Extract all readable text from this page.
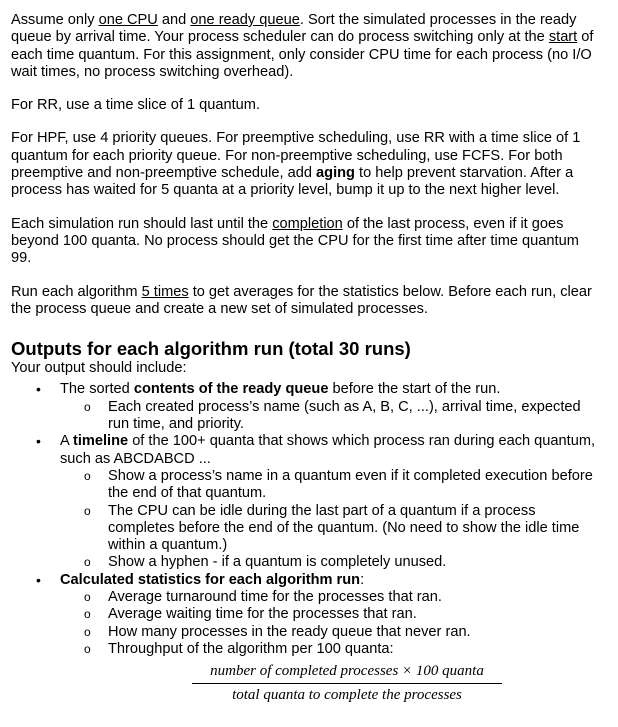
Assume only one CPU and one ready queue. Sort the simulated processes in the ready queue by arrival time. Your process scheduler can do process switching only at the start of each time quantum. For this assignment, only consider CPU time for each process (no I/O wait times, no process switching overhead).

For RR, use a time slice of 1 quantum.

For HPF, use 4 priority queues. For preemptive scheduling, use RR with a time slice of 1 quantum for each priority queue. For non-preemptive scheduling, use FCFS. For both preemptive and non-preemptive schedule, add aging to help prevent starvation. After a process has waited for 5 quanta at a priority level, bump it up to the next higher level.

Each simulation run should last until the completion of the last process, even if it goes beyond 100 quanta. No process should get the CPU for the first time after time quantum 99.

Run each algorithm 5 times to get averages for the statistics below. Before each run, clear the process queue and create a new set of simulated processes.

Outputs for each algorithm run (total 30 runs)
Your output should include:
• The sorted contents of the ready queue before the start of the run.
o Each created process’s name (such as A, B, C, ...), arrival time, expected run time, and priority.
• A timeline of the 100+ quanta that shows which process ran during each quantum, such as ABCDABCD ...
o Show a process’s name in a quantum even if it completed execution before the end of that quantum.
o The CPU can be idle during the last part of a quantum if a process completes before the end of the quantum. (No need to show the idle time within a quantum.)
o Show a hyphen - if a quantum is completely unused.
• Calculated statistics for each algorithm run:
o Average turnaround time for the processes that ran.
o Average waiting time for the processes that ran.
o How many processes in the ready queue that never ran.
o Throughput of the algorithm per 100 quanta:
number of completed processes × 100 quanta
total quanta to complete the processes
